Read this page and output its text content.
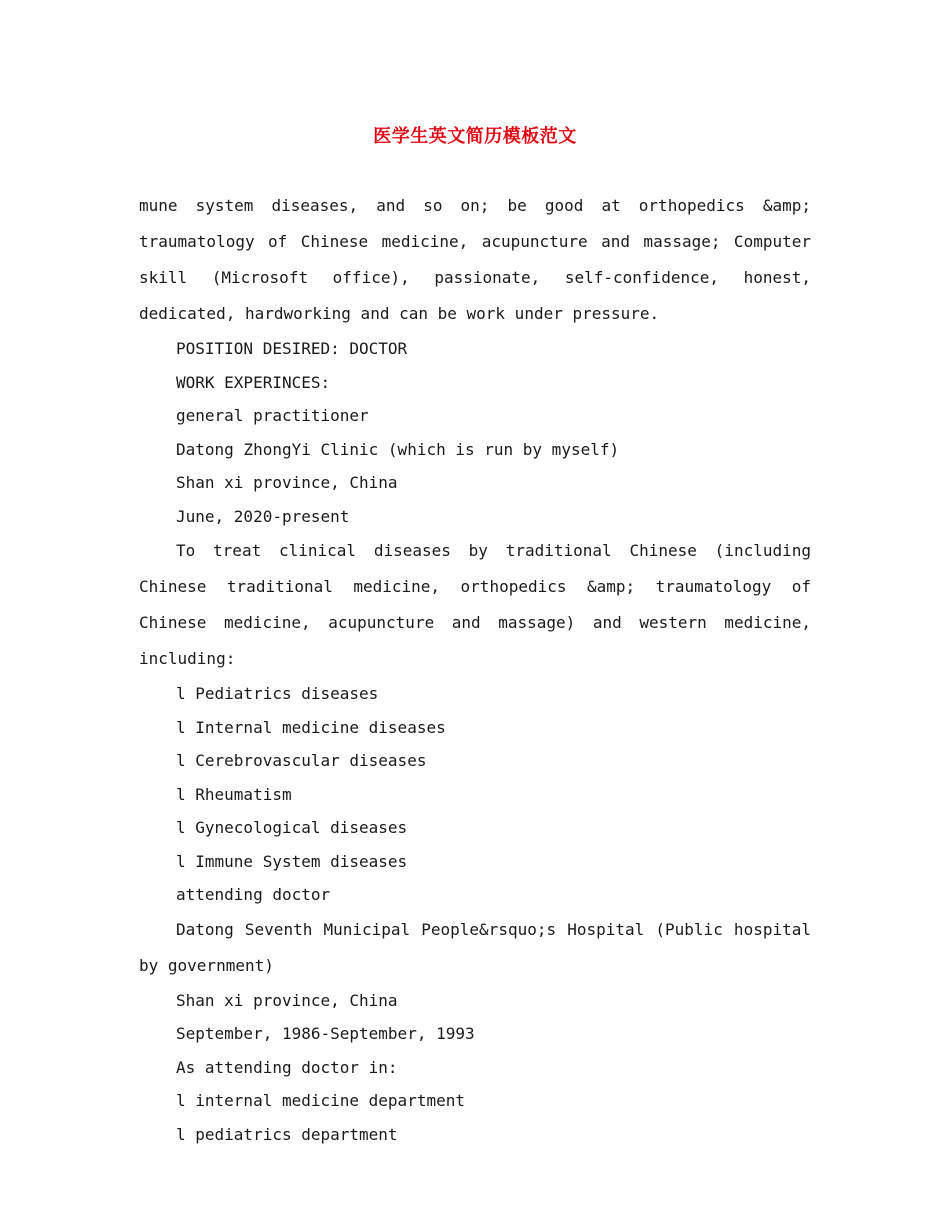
医学生英文简历模板范文

mune system diseases, and so on; be good at orthopedics &amp; traumatology of Chinese medicine, acupuncture and massage; Computer skill (Microsoft office), passionate, self-confidence, honest, dedicated, hardworking and can be work under pressure.

POSITION DESIRED: DOCTOR

WORK EXPERINCES:

general practitioner

Datong ZhongYi Clinic (which is run by myself)

Shan xi province, China

June, 2020-present

To treat clinical diseases by traditional Chinese (including Chinese traditional medicine, orthopedics &amp; traumatology of Chinese medicine, acupuncture and massage) and western medicine, including:

l Pediatrics diseases

l Internal medicine diseases

l Cerebrovascular diseases

l Rheumatism

l Gynecological diseases

l Immune System diseases

attending doctor

Datong Seventh Municipal People&rsquo;s Hospital (Public hospital by government)

Shan xi province, China

September, 1986-September, 1993

As attending doctor in:

l internal medicine department

l pediatrics department
